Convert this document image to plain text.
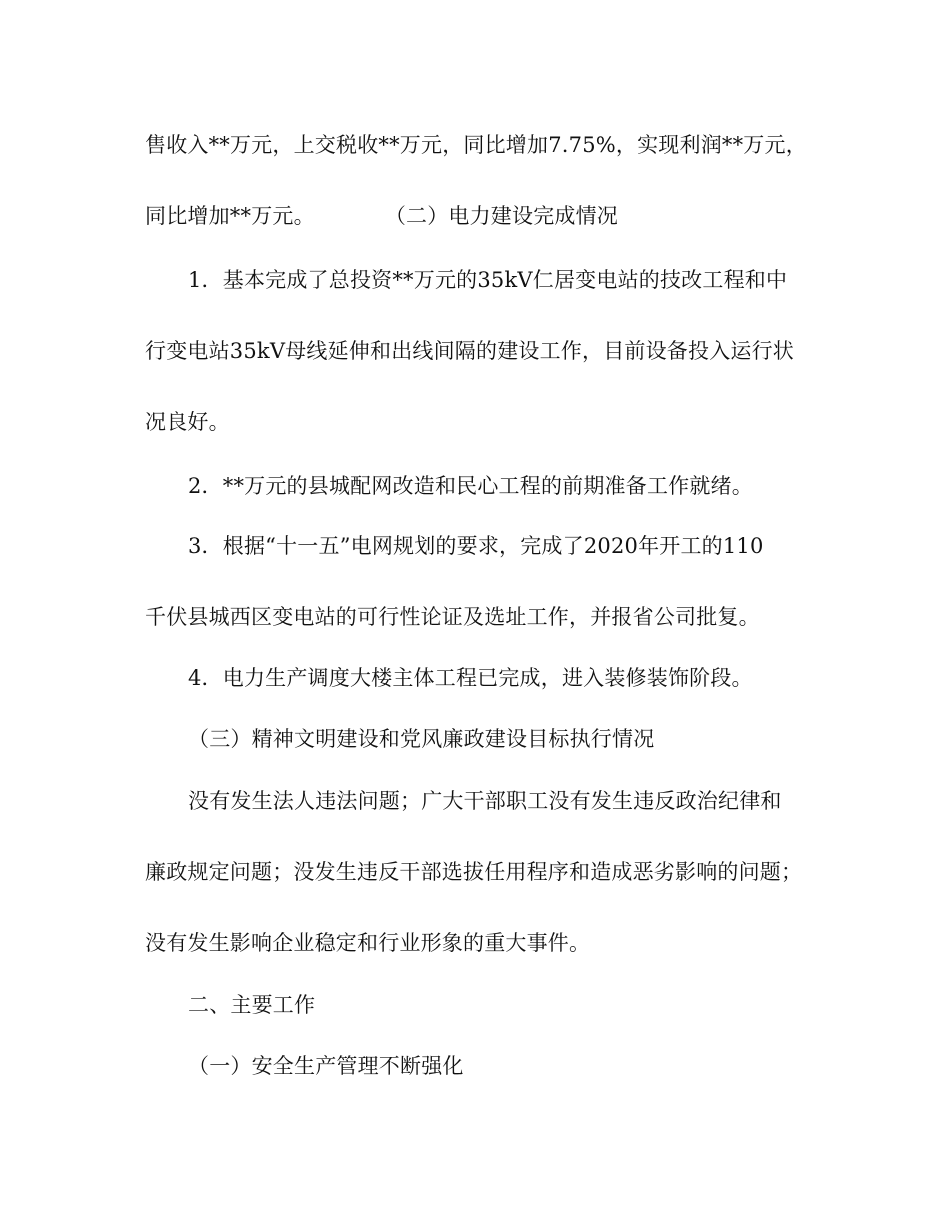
售收入**万元，上交税收**万元，同比增加7.75%，实现利润**万元，
同比增加**万元。	（二）电力建设完成情况
1．基本完成了总投资**万元的35kV仁居变电站的技改工程和中
行变电站35kV母线延伸和出线间隔的建设工作，目前设备投入运行状
况良好。
2．**万元的县城配网改造和民心工程的前期准备工作就绪。
3．根据“十一五”电网规划的要求，完成了2020年开工的110
千伏县城西区变电站的可行性论证及选址工作，并报省公司批复。
4．电力生产调度大楼主体工程已完成，进入装修装饰阶段。
（三）精神文明建设和党风廉政建设目标执行情况
没有发生法人违法问题；广大干部职工没有发生违反政治纪律和
廉政规定问题；没发生违反干部选拔任用程序和造成恶劣影响的问题；
没有发生影响企业稳定和行业形象的重大事件。
二、主要工作
（一）安全生产管理不断强化
